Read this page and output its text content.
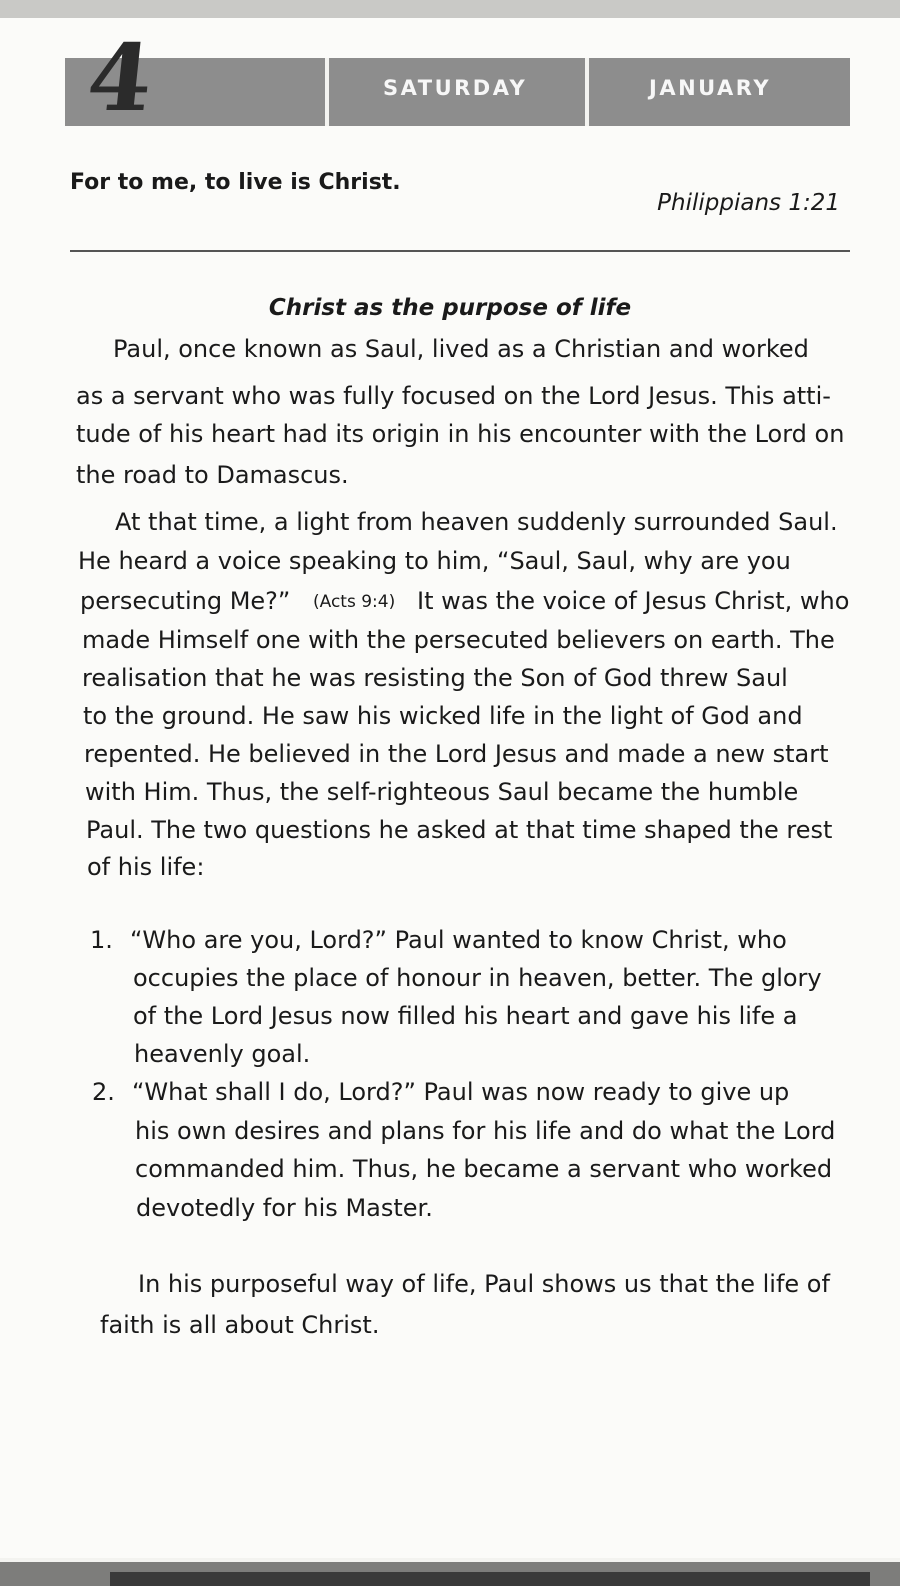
SATURDAY	JANUARY
4
For to me, to live is Christ.
Philippians 1:21
Christ as the purpose of life
Paul, once known as Saul, lived as a Christian and worked
as a servant who was fully focused on the Lord Jesus. This atti-
tude of his heart had its origin in his encounter with the Lord on
the road to Damascus.
At that time, a light from heaven suddenly surrounded Saul.
He heard a voice speaking to him, “Saul, Saul, why are you
persecuting Me?” (Acts 9:4) It was the voice of Jesus Christ, who
made Himself one with the persecuted believers on earth. The
realisation that he was resisting the Son of God threw Saul
to the ground. He saw his wicked life in the light of God and
repented. He believed in the Lord Jesus and made a new start
with Him. Thus, the self-righteous Saul became the humble
Paul. The two questions he asked at that time shaped the rest
of his life:
1. “Who are you, Lord?” Paul wanted to know Christ, who
occupies the place of honour in heaven, better. The glory
of the Lord Jesus now filled his heart and gave his life a
heavenly goal.
2. “What shall I do, Lord?” Paul was now ready to give up
his own desires and plans for his life and do what the Lord
commanded him. Thus, he became a servant who worked
devotedly for his Master.
In his purposeful way of life, Paul shows us that the life of
faith is all about Christ.
